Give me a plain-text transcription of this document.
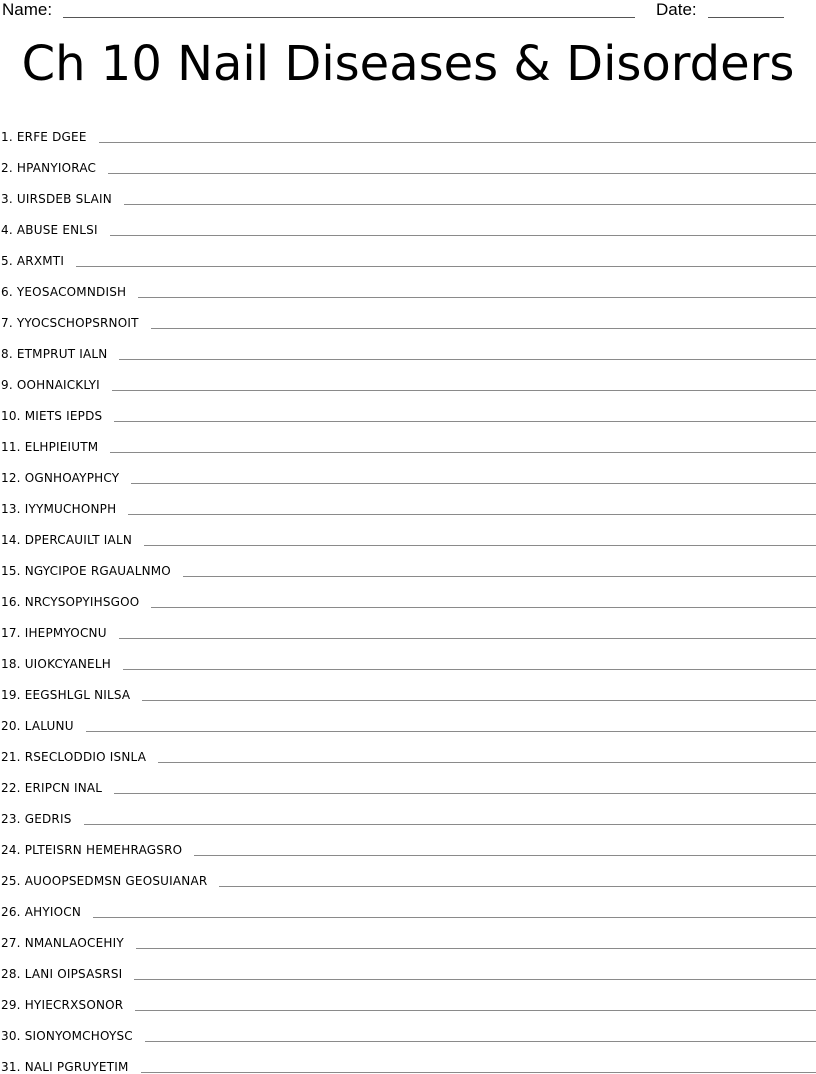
Name:	Date:
Ch 10 Nail Diseases & Disorders
1. ERFE DGEE
2. HPANYIORAC
3. UIRSDEB SLAIN
4. ABUSE ENLSI
5. ARXMTI
6. YEOSACOMNDISH
7. YYOCSCHOPSRNOIT
8. ETMPRUT IALN
9. OOHNAICKLYI
10. MIETS IEPDS
11. ELHPIEIUTM
12. OGNHOAYPHCY
13. IYYMUCHONPH
14. DPERCAUILT IALN
15. NGYCIPOE RGAUALNMO
16. NRCYSOPYIHSGOO
17. IHEPMYOCNU
18. UIOKCYANELH
19. EEGSHLGL NILSA
20. LALUNU
21. RSECLODDIO ISNLA
22. ERIPCN INAL
23. GEDRIS
24. PLTEISRN HEMEHRAGSRO
25. AUOOPSEDMSN GEOSUIANAR
26. AHYIOCN
27. NMANLAOCEHIY
28. LANI OIPSASRSI
29. HYIECRXSONOR
30. SIONYOMCHOYSC
31. NALI PGRUYETIM
